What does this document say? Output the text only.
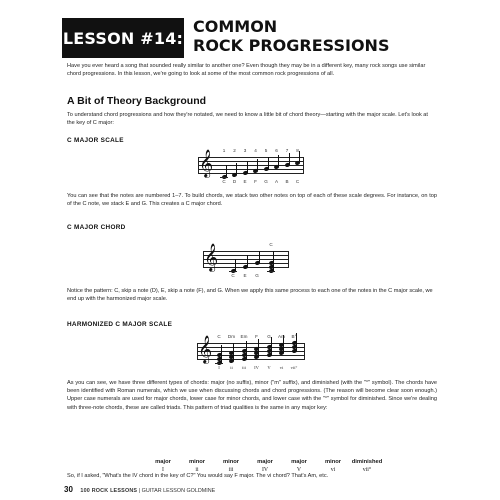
LESSON #14:
COMMON
ROCK PROGRESSIONS

Have you ever heard a song that sounded really similar to another one? Even though they may be in a different key, many rock songs use similar chord progressions. In this lesson, we're going to look at some of the most common rock progressions of all.

A Bit of Theory Background

To understand chord progressions and how they're notated, we need to know a little bit of chord theory—starting with the major scale. Let's look at the key of C major:

C MAJOR SCALE
𝄞
C
1
D
2
E
3
F
4
G
5
A
6
B
7
C
8

You can see that the notes are numbered 1–7. To build chords, we stack two other notes on top of each of these scale degrees. For instance, on top of the C note, we stack E and G. This creates a C major chord.

C MAJOR CHORD
𝄞
C E G
C

Notice the pattern: C, skip a note (D), E, skip a note (F), and G. When we apply this same process to each one of the notes in the C major scale, we end up with the harmonized major scale.

HARMONIZED C MAJOR SCALE
𝄞 C
I
Dm
ii
Em
iii
F
IV
G
V
Am
vi
B°
vii°

As you can see, we have three different types of chords: major (no suffix), minor ("m" suffix), and diminished (with the "°" symbol). The chords have been identified with Roman numerals, which we use when discussing chords and chord progressions. (The reason will become clear soon enough.) Upper case numerals are used for major chords, lower case for minor chords, and lower case with the "°" symbol for diminished. Since we're dealing with three-note chords, these are called triads. This pattern of triad qualities is the same in any major key:

major
I
minor
ii
minor
iii
major
IV
major
V
minor
vi
diminished
vii°

So, if I asked, "What's the IV chord in the key of C?" You would say F major. The vi chord? That's Am, etc.

30 100 ROCK LESSONS | GUITAR LESSON GOLDMINE
